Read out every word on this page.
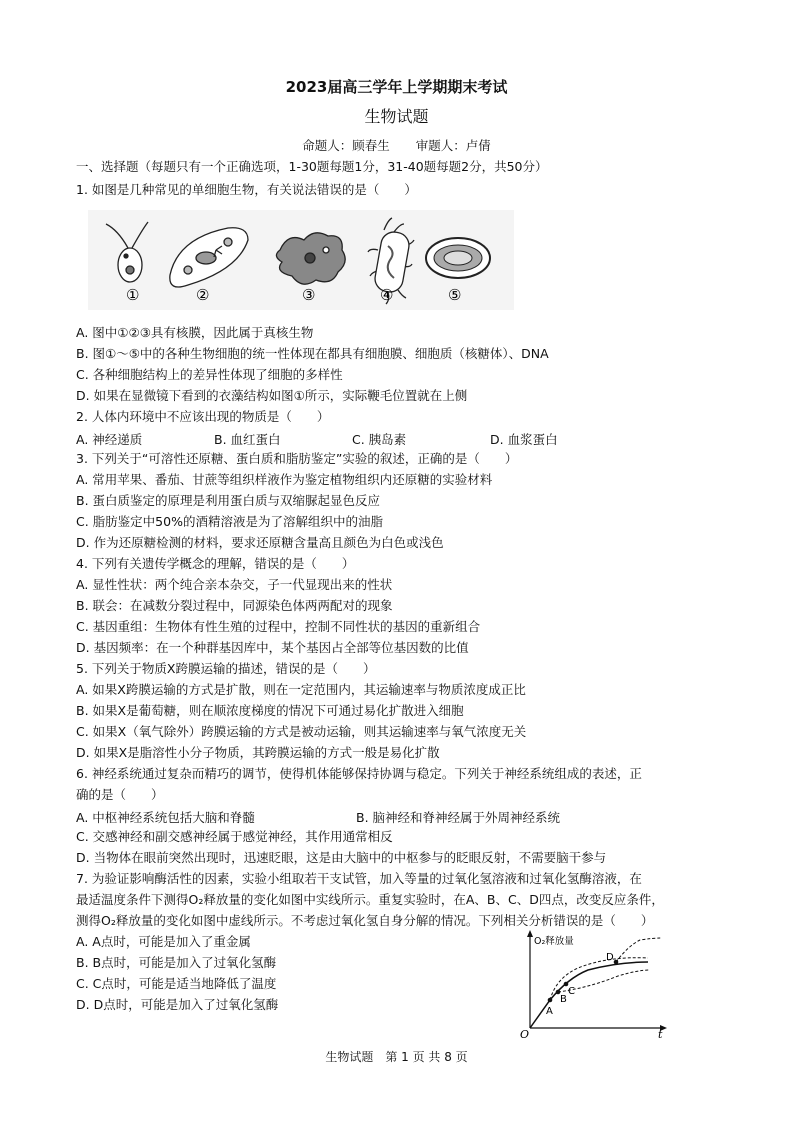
2023届高三学年上学期期末考试
生物试题
命题人：顾春生 审题人：卢倩
一、选择题（每题只有一个正确选项，1-30题每题1分，31-40题每题2分，共50分）
1. 如图是几种常见的单细胞生物，有关说法错误的是（　　）
①	②	③	④	⑤
A. 图中①②③具有核膜，因此属于真核生物
B. 图①～⑤中的各种生物细胞的统一性体现在都具有细胞膜、细胞质（核糖体）、DNA
C. 各种细胞结构上的差异性体现了细胞的多样性
D. 如果在显微镜下看到的衣藻结构如图①所示，实际鞭毛位置就在上侧
2. 人体内环境中不应该出现的物质是（　　）
A. 神经递质	B. 血红蛋白	C. 胰岛素	D. 血浆蛋白
3. 下列关于“可溶性还原糖、蛋白质和脂肪鉴定”实验的叙述，正确的是（　　）
A. 常用苹果、番茄、甘蔗等组织样液作为鉴定植物组织内还原糖的实验材料
B. 蛋白质鉴定的原理是利用蛋白质与双缩脲起显色反应
C. 脂肪鉴定中50%的酒精溶液是为了溶解组织中的油脂
D. 作为还原糖检测的材料，要求还原糖含量高且颜色为白色或浅色
4. 下列有关遗传学概念的理解，错误的是（　　）
A. 显性性状：两个纯合亲本杂交，子一代显现出来的性状
B. 联会：在减数分裂过程中，同源染色体两两配对的现象
C. 基因重组：生物体有性生殖的过程中，控制不同性状的基因的重新组合
D. 基因频率：在一个种群基因库中，某个基因占全部等位基因数的比值
5. 下列关于物质X跨膜运输的描述，错误的是（　　）
A. 如果X跨膜运输的方式是扩散，则在一定范围内，其运输速率与物质浓度成正比
B. 如果X是葡萄糖，则在顺浓度梯度的情况下可通过易化扩散进入细胞
C. 如果X（氧气除外）跨膜运输的方式是被动运输，则其运输速率与氧气浓度无关
D. 如果X是脂溶性小分子物质，其跨膜运输的方式一般是易化扩散
6. 神经系统通过复杂而精巧的调节，使得机体能够保持协调与稳定。下列关于神经系统组成的表述，正
确的是（　　）
A. 中枢神经系统包括大脑和脊髓	B. 脑神经和脊神经属于外周神经系统
C. 交感神经和副交感神经属于感觉神经，其作用通常相反
D. 当物体在眼前突然出现时，迅速眨眼，这是由大脑中的中枢参与的眨眼反射，不需要脑干参与
7. 为验证影响酶活性的因素，实验小组取若干支试管，加入等量的过氧化氢溶液和过氧化氢酶溶液，在
最适温度条件下测得O₂释放量的变化如图中实线所示。重复实验时，在A、B、C、D四点，改变反应条件，
测得O₂释放量的变化如图中虚线所示。不考虑过氧化氢自身分解的情况。下列相关分析错误的是（　　）
A. A点时，可能是加入了重金属
B. B点时，可能是加入了过氧化氢酶
C. C点时，可能是适当地降低了温度
D. D点时，可能是加入了过氧化氢酶
O₂释放量
t
O
A
B
C
D
生物试题　第 1 页 共 8 页
